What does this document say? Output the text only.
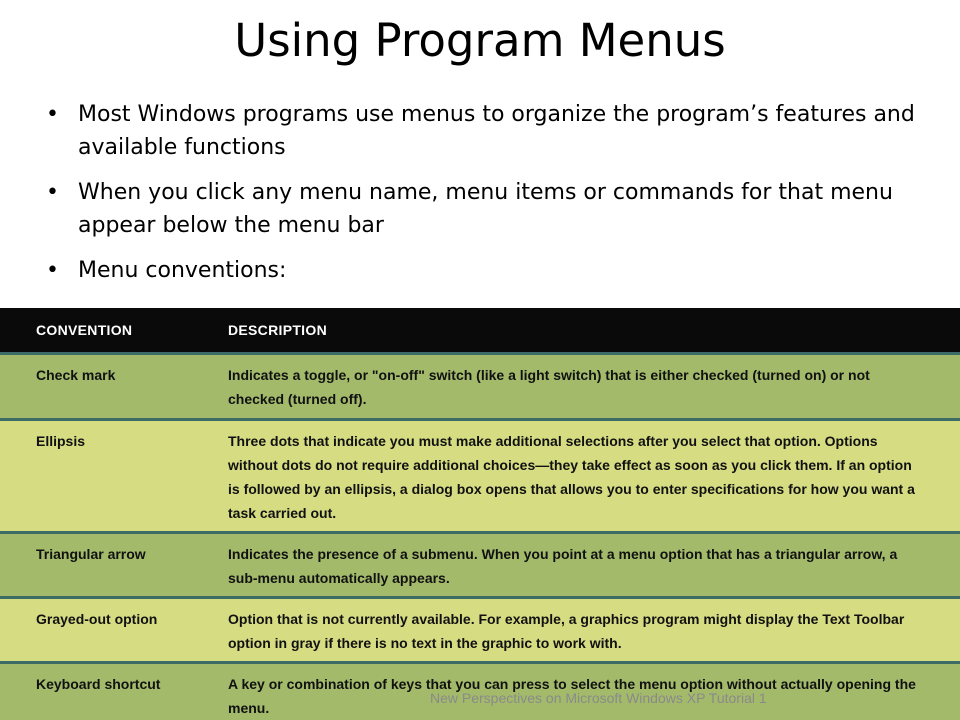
Using Program Menus
• Most Windows programs use menus to organize the program’s features and available functions
• When you click any menu name, menu items or commands for that menu appear below the menu bar
• Menu conventions:
CONVENTION	DESCRIPTION
Check mark	Indicates a toggle, or "on-off" switch (like a light switch) that is either checked (turned on) or not checked (turned off).
Ellipsis	Three dots that indicate you must make additional selections after you select that option. Options without dots do not require additional choices—they take effect as soon as you click them. If an option is followed by an ellipsis, a dialog box opens that allows you to enter specifications for how you want a task carried out.
Triangular arrow	Indicates the presence of a submenu. When you point at a menu option that has a triangular arrow, a sub-menu automatically appears.
Grayed-out option	Option that is not currently available. For example, a graphics program might display the Text Toolbar option in gray if there is no text in the graphic to work with.
Keyboard shortcut	A key or combination of keys that you can press to select the menu option without actually opening the menu.
New Perspectives on Microsoft Windows XP Tutorial 1
